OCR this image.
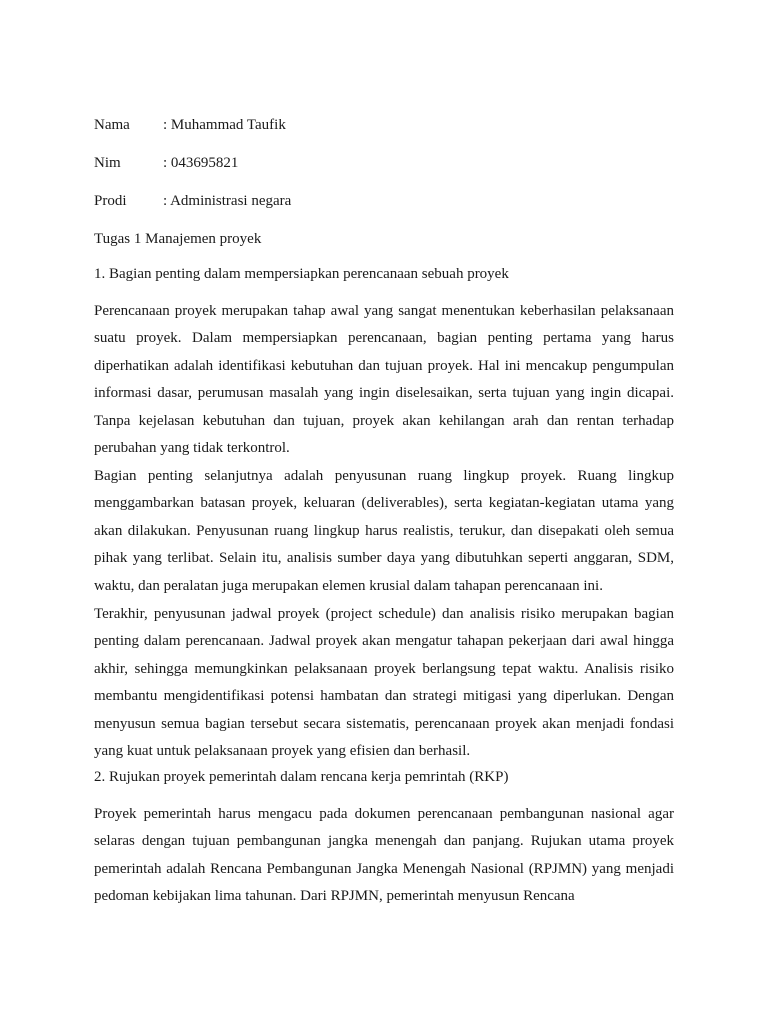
Nama : Muhammad Taufik
Nim	: 043695821
Prodi : Administrasi negara
Tugas 1 Manajemen proyek
1. Bagian penting dalam mempersiapkan perencanaan sebuah proyek

Perencanaan proyek merupakan tahap awal yang sangat menentukan keberhasilan pelaksanaan suatu proyek. Dalam mempersiapkan perencanaan, bagian penting pertama yang harus diperhatikan adalah identifikasi kebutuhan dan tujuan proyek. Hal ini mencakup pengumpulan informasi dasar, perumusan masalah yang ingin diselesaikan, serta tujuan yang ingin dicapai. Tanpa kejelasan kebutuhan dan tujuan, proyek akan kehilangan arah dan rentan terhadap perubahan yang tidak terkontrol.

Bagian penting selanjutnya adalah penyusunan ruang lingkup proyek. Ruang lingkup menggambarkan batasan proyek, keluaran (deliverables), serta kegiatan-kegiatan utama yang akan dilakukan. Penyusunan ruang lingkup harus realistis, terukur, dan disepakati oleh semua pihak yang terlibat. Selain itu, analisis sumber daya yang dibutuhkan seperti anggaran, SDM, waktu, dan peralatan juga merupakan elemen krusial dalam tahapan perencanaan ini.

Terakhir, penyusunan jadwal proyek (project schedule) dan analisis risiko merupakan bagian penting dalam perencanaan. Jadwal proyek akan mengatur tahapan pekerjaan dari awal hingga akhir, sehingga memungkinkan pelaksanaan proyek berlangsung tepat waktu. Analisis risiko membantu mengidentifikasi potensi hambatan dan strategi mitigasi yang diperlukan. Dengan menyusun semua bagian tersebut secara sistematis, perencanaan proyek akan menjadi fondasi yang kuat untuk pelaksanaan proyek yang efisien dan berhasil.

2. Rujukan proyek pemerintah dalam rencana kerja pemrintah (RKP)

Proyek pemerintah harus mengacu pada dokumen perencanaan pembangunan nasional agar selaras dengan tujuan pembangunan jangka menengah dan panjang. Rujukan utama proyek pemerintah adalah Rencana Pembangunan Jangka Menengah Nasional (RPJMN) yang menjadi pedoman kebijakan lima tahunan. Dari RPJMN, pemerintah menyusun Rencana
